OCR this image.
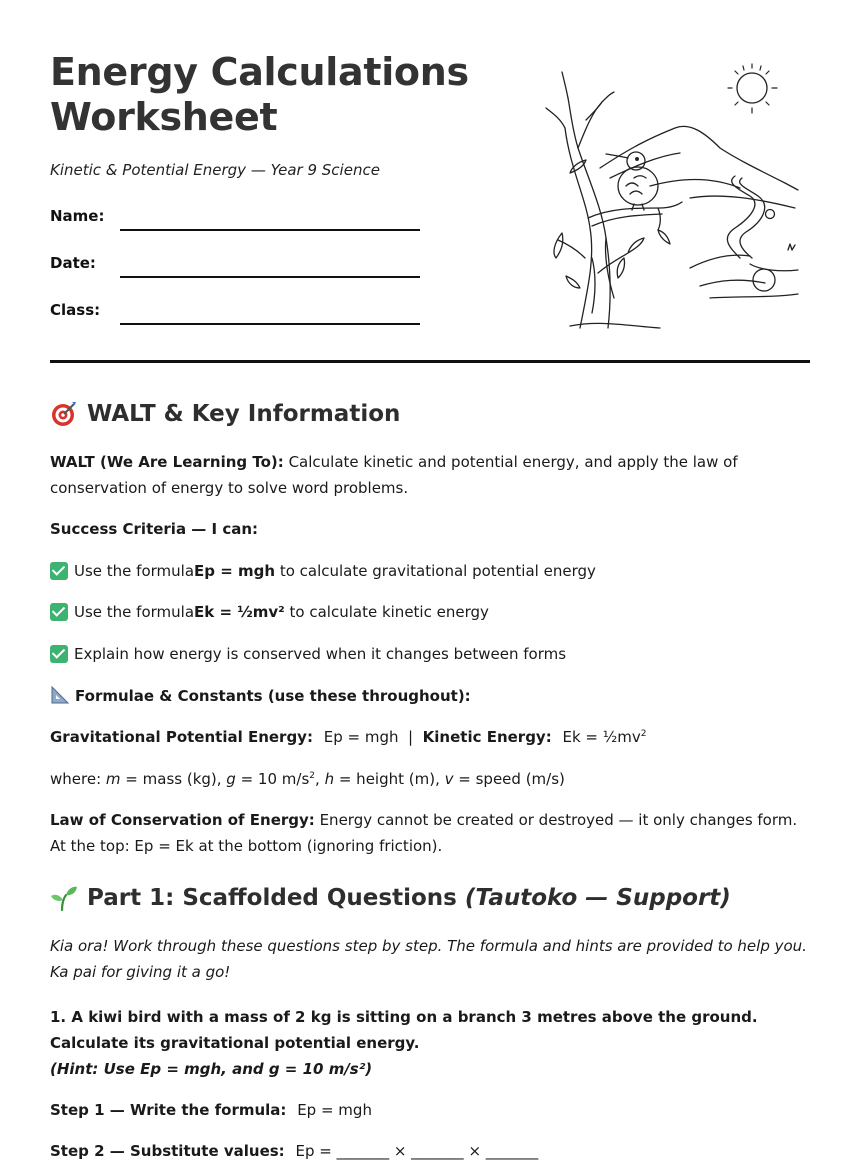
Energy Calculations
Worksheet
Kinetic & Potential Energy — Year 9 Science
Name:
Date:
Class:
WALT & Key Information

WALT (We Are Learning To): Calculate kinetic and potential energy, and apply the law of conservation of energy to solve word problems.

Success Criteria — I can:

Use the formula Ep = mgh to calculate gravitational potential energy

Use the formula Ek = ½mv² to calculate kinetic energy

Explain how energy is conserved when it changes between forms

Formulae & Constants (use these throughout):

Gravitational Potential Energy: Ep = mgh | Kinetic Energy: $Ek = \frac{1}{2}mv^2$

where: m = mass (kg), g = 10 $m/s^2$, h = height (m), v = speed (m/s)

Law of Conservation of Energy: Energy cannot be created or destroyed — it only changes form. At the top: Ep = Ek at the bottom (ignoring friction).

Part 1: Scaffolded Questions (Tautoko — Support)

Kia ora! Work through these questions step by step. The formula and hints are provided to help you. Ka pai for giving it a go!

1. A kiwi bird with a mass of 2 kg is sitting on a branch 3 metres above the ground. Calculate its gravitational potential energy.
(Hint: Use Ep = mgh, and g = 10 m/s²)

Step 1 — Write the formula: Ep = mgh

Step 2 — Substitute values: Ep = _______ × _______ × _______
